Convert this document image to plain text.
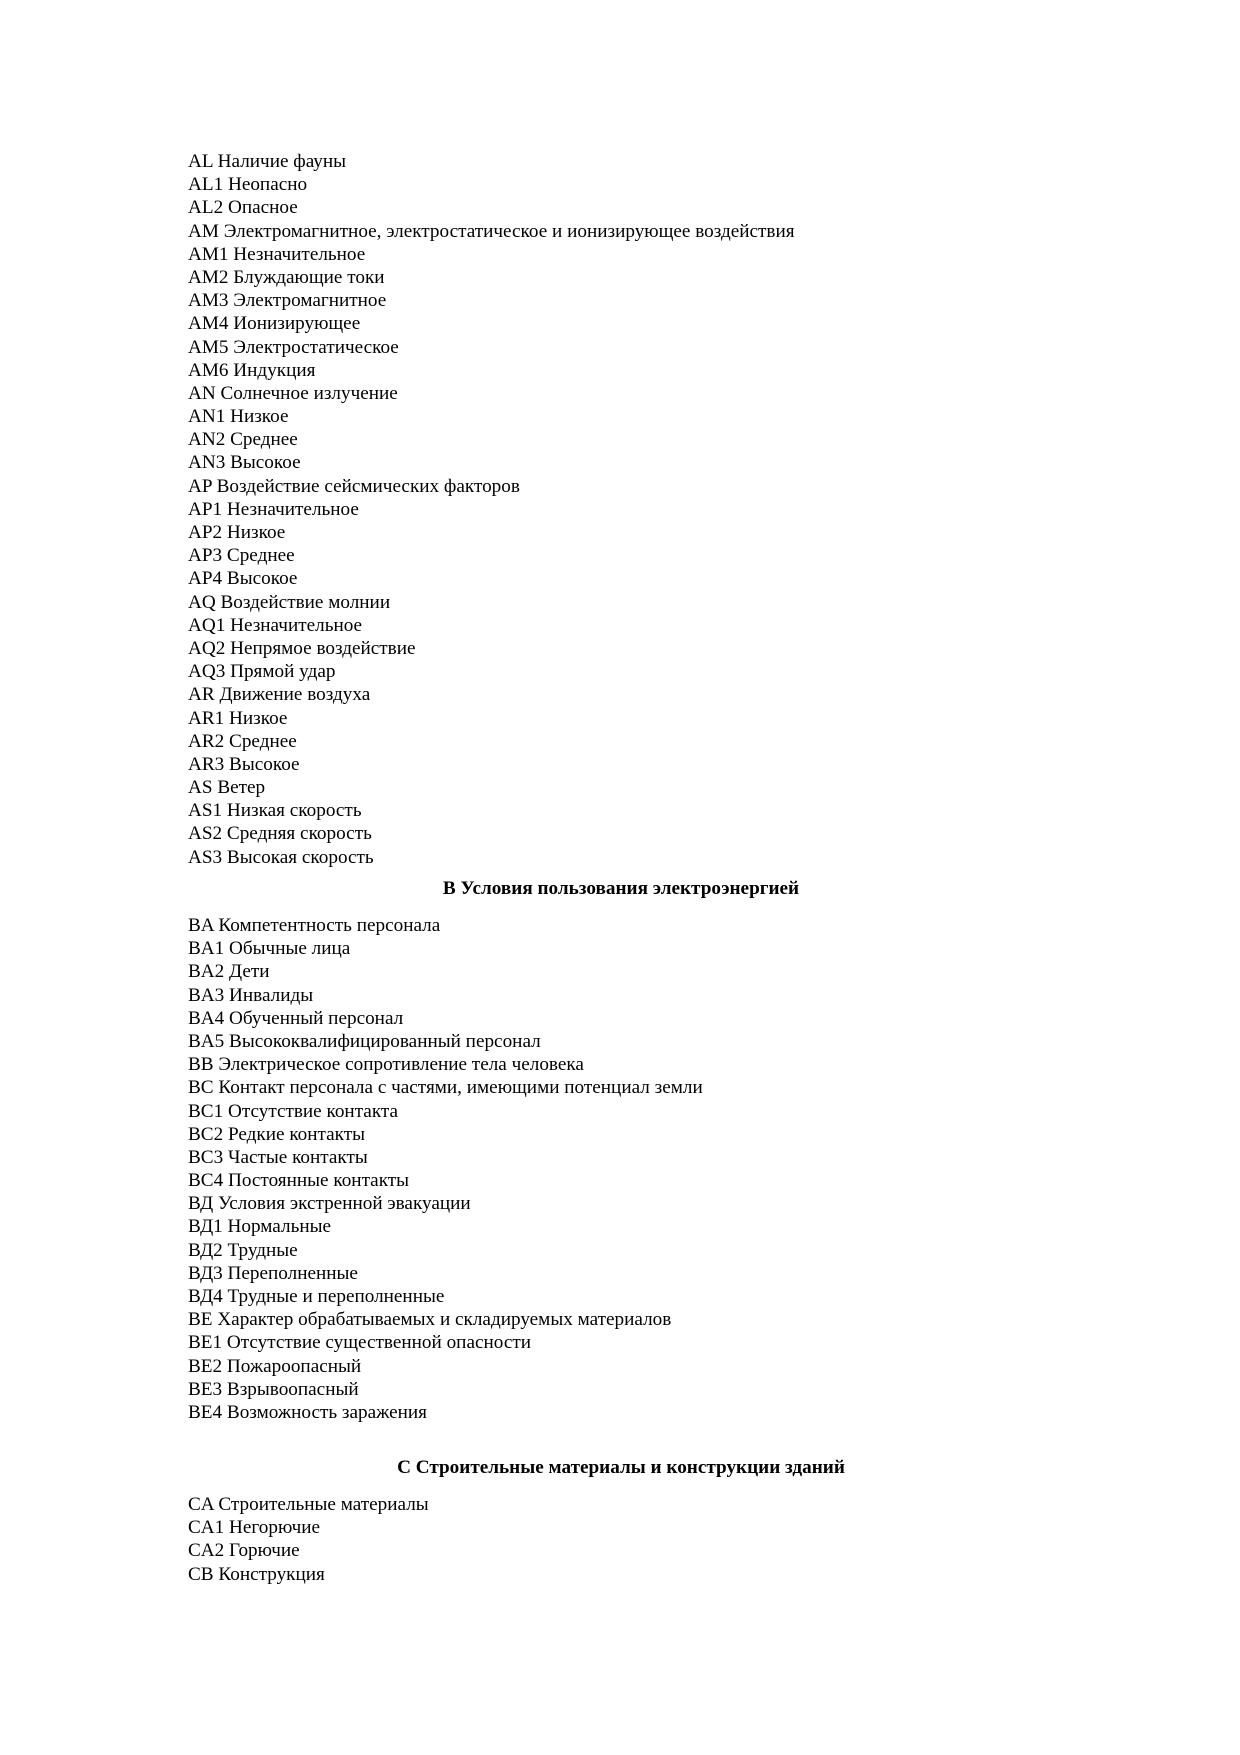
AL Наличие фауны
AL1 Неопасно
AL2 Опасное
AM Электромагнитное, электростатическое и ионизирующее воздействия
AM1 Незначительное
AM2 Блуждающие токи
AM3 Электромагнитное
AM4 Ионизирующее
AM5 Электростатическое
AM6 Индукция
AN Солнечное излучение
AN1 Низкое
AN2 Среднее
AN3 Высокое
AP Воздействие сейсмических факторов
AP1 Незначительное
AP2 Низкое
AP3 Среднее
AP4 Высокое
AQ Воздействие молнии
AQ1 Незначительное
AQ2 Непрямое воздействие
AQ3 Прямой удар
AR Движение воздуха
AR1 Низкое
AR2 Среднее
AR3 Высокое
AS Ветер
AS1 Низкая скорость
AS2 Средняя скорость
AS3 Высокая скорость
В Условия пользования электроэнергией
BA Компетентность персонала
BA1 Обычные лица
BA2 Дети
BA3 Инвалиды
BA4 Обученный персонал
BA5 Высококвалифицированный персонал
BB Электрическое сопротивление тела человека
BC Контакт персонала с частями, имеющими потенциал земли
BC1 Отсутствие контакта
BC2 Редкие контакты
BC3 Частые контакты
BC4 Постоянные контакты
ВД Условия экстренной эвакуации
ВД1 Нормальные
ВД2 Трудные
ВД3 Переполненные
ВД4 Трудные и переполненные
BE Характер обрабатываемых и складируемых материалов
BE1 Отсутствие существенной опасности
BE2 Пожароопасный
BE3 Взрывоопасный
BE4 Возможность заражения
С Строительные материалы и конструкции зданий
CA Строительные материалы
CA1 Негорючие
CA2 Горючие
CB Конструкция
